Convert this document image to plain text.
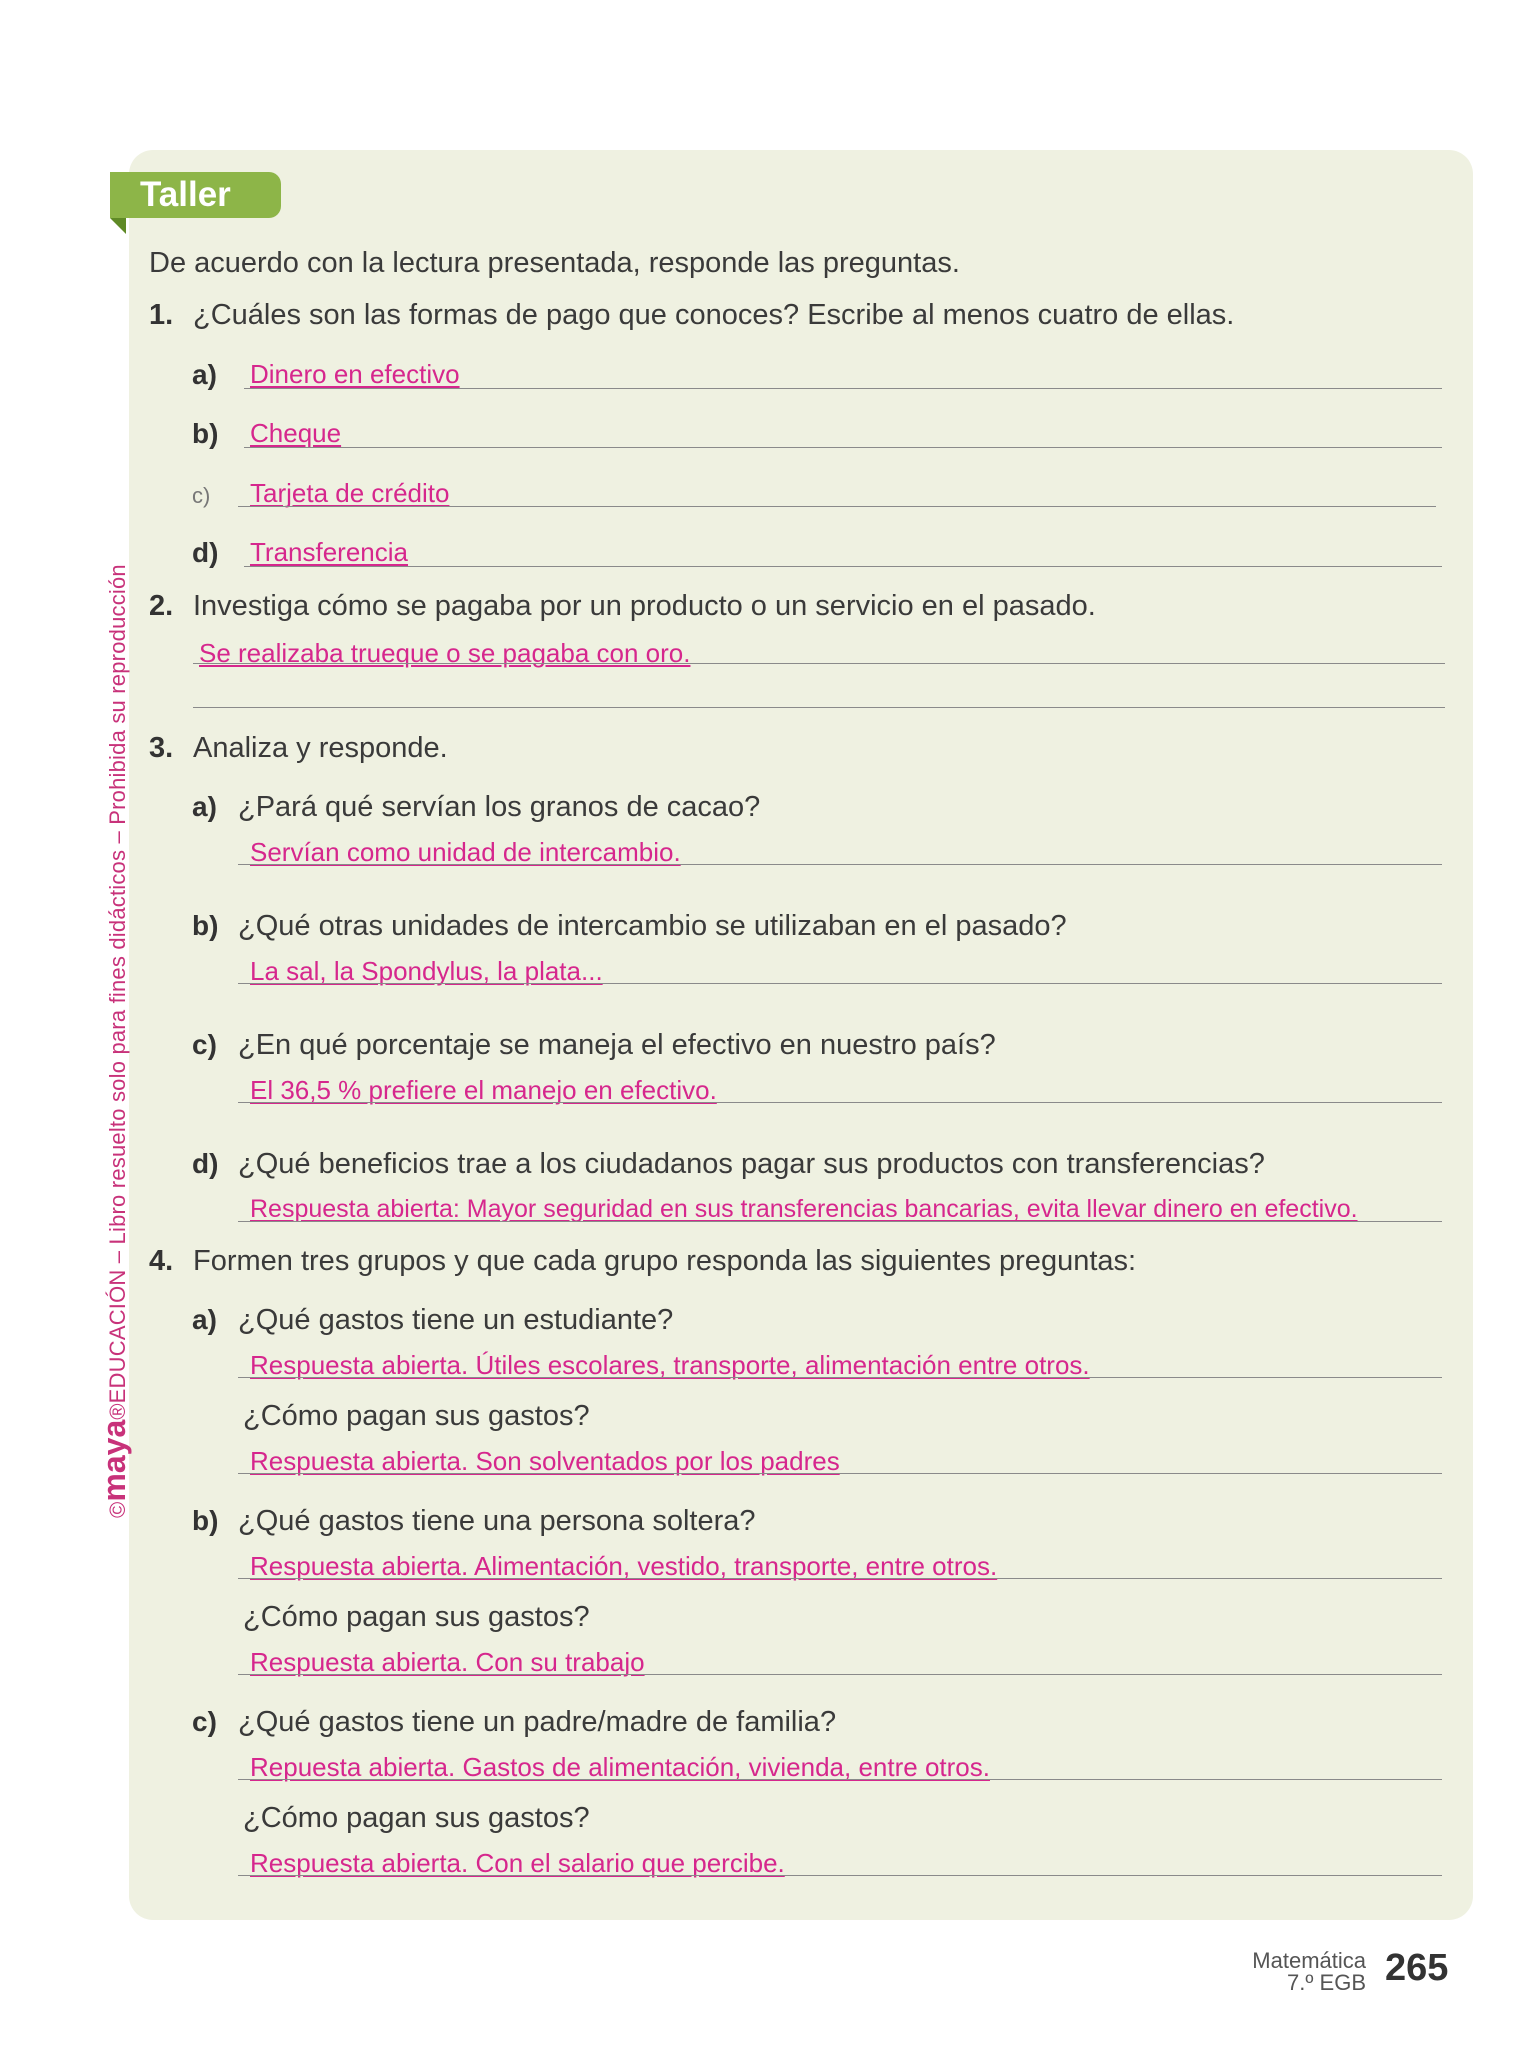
Taller
De acuerdo con la lectura presentada, responde las preguntas.
1. ¿Cuáles son las formas de pago que conoces? Escribe al menos cuatro de ellas.
a) Dinero en efectivo
b) Cheque
c) Tarjeta de crédito
d) Transferencia
2. Investiga cómo se pagaba por un producto o un servicio en el pasado.
Se realizaba trueque o se pagaba con oro.
3. Analiza y responde.
a) ¿Pará qué servían los granos de cacao?
Servían como unidad de intercambio.
b) ¿Qué otras unidades de intercambio se utilizaban en el pasado?
La sal, la Spondylus, la plata...
c) ¿En qué porcentaje se maneja el efectivo en nuestro país?
El 36,5 % prefiere el manejo en efectivo.
d) ¿Qué beneficios trae a los ciudadanos pagar sus productos con transferencias?
Respuesta abierta: Mayor seguridad en sus transferencias bancarias, evita llevar dinero en efectivo.
4. Formen tres grupos y que cada grupo responda las siguientes preguntas:
a) ¿Qué gastos tiene un estudiante?
Respuesta abierta. Útiles escolares, transporte, alimentación entre otros.
¿Cómo pagan sus gastos?
Respuesta abierta. Son solventados por los padres
b) ¿Qué gastos tiene una persona soltera?
Respuesta abierta. Alimentación, vestido, transporte, entre otros.
¿Cómo pagan sus gastos?
Respuesta abierta. Con su trabajo
c) ¿Qué gastos tiene un padre/madre de familia?
Repuesta abierta. Gastos de alimentación, vivienda, entre otros.
¿Cómo pagan sus gastos?
Respuesta abierta. Con el salario que percibe.
©maya®EDUCACIÓN – Libro resuelto solo para fines didácticos – Prohibida su reproducción
Matemática
7.º EGB 265
